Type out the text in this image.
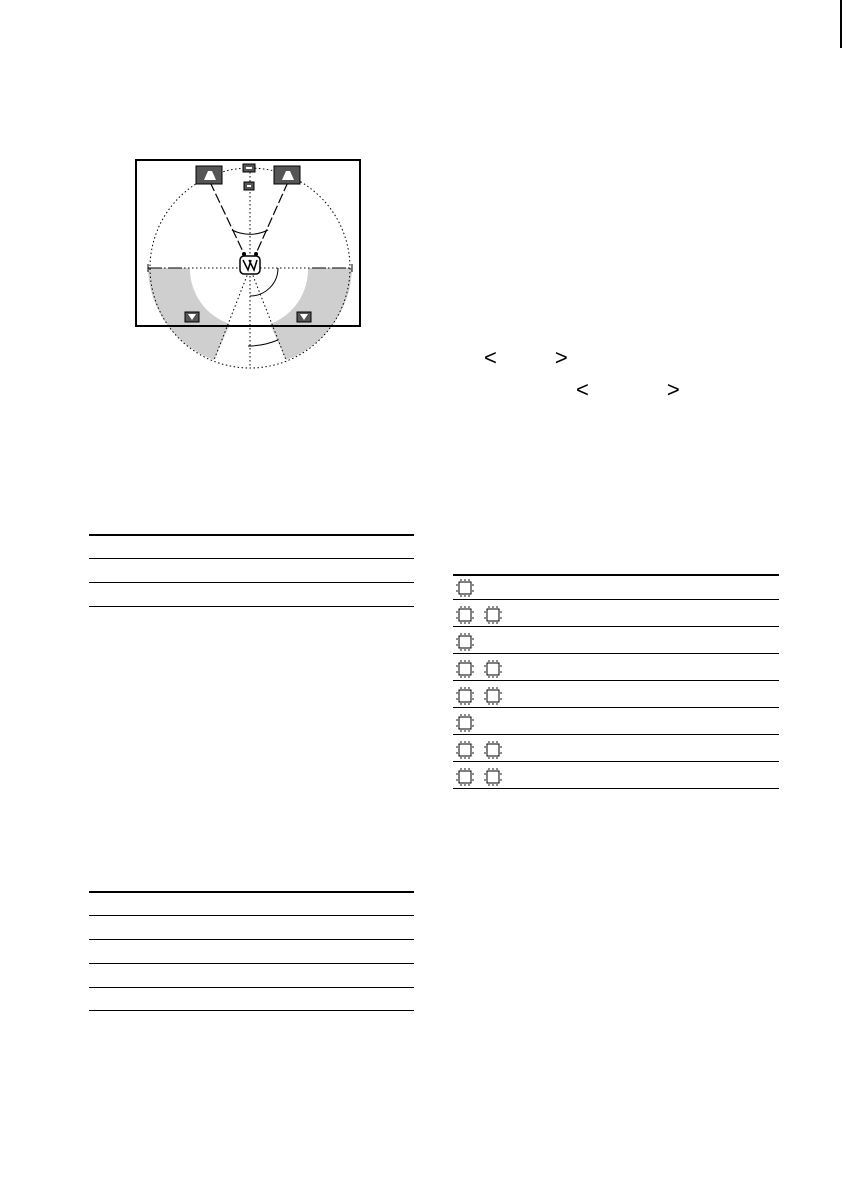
<	>
<	>
